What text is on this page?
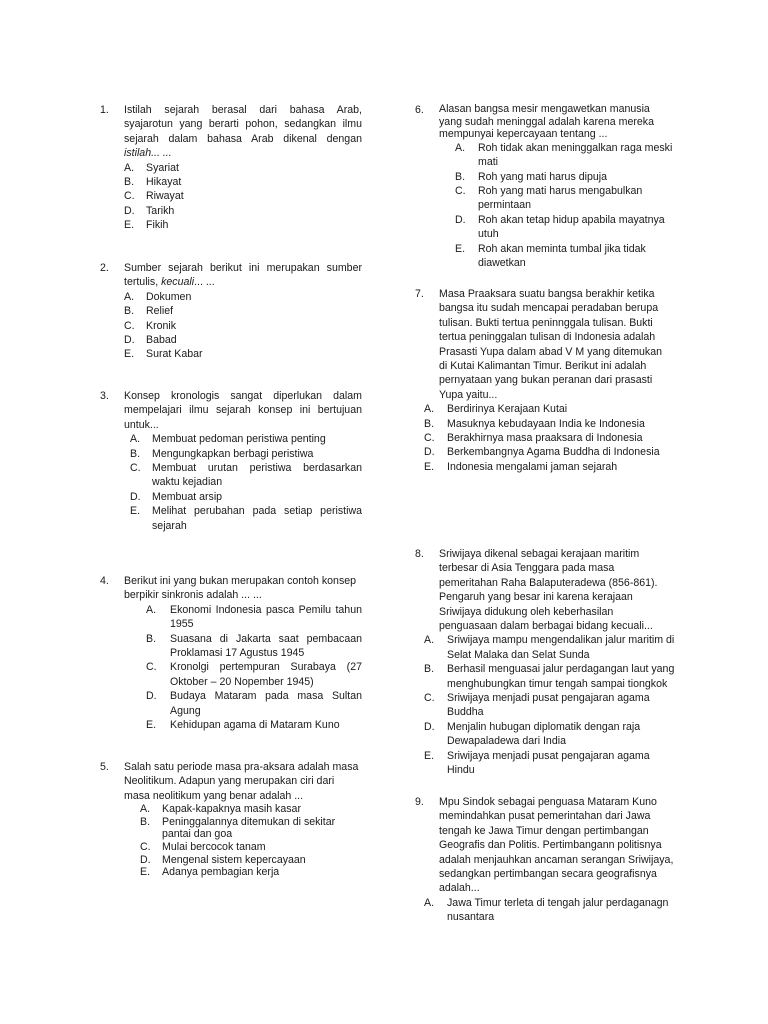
1. Istilah sejarah berasal dari bahasa Arab,
syajarotun yang berarti pohon, sedangkan ilmu
sejarah dalam bahasa Arab dikenal dengan
istilah... ...
A. Syariat
B. Hikayat
C. Riwayat
D. Tarikh
E. Fikih
2. Sumber sejarah berikut ini merupakan sumber
tertulis, kecuali... ...
A. Dokumen
B. Relief
C. Kronik
D. Babad
E. Surat Kabar
3. Konsep kronologis sangat diperlukan dalam
mempelajari ilmu sejarah konsep ini bertujuan
untuk...
A. Membuat pedoman peristiwa penting
B. Mengungkapkan berbagi peristiwa
C. Membuat urutan peristiwa berdasarkan
waktu kejadian
D. Membuat arsip
E. Melihat perubahan pada setiap peristiwa
sejarah
4. Berikut ini yang bukan merupakan contoh konsep
berpikir sinkronis adalah ... ...
A. Ekonomi Indonesia pasca Pemilu tahun
1955
B. Suasana di Jakarta saat pembacaan
Proklamasi 17 Agustus 1945
C. Kronolgi pertempuran Surabaya (27
Oktober – 20 Nopember 1945)
D. Budaya Mataram pada masa Sultan
Agung
E. Kehidupan agama di Mataram Kuno
5. Salah satu periode masa pra-aksara adalah masa
Neolitikum. Adapun yang merupakan ciri dari
masa neolitikum yang benar adalah ...
A. Kapak-kapaknya masih kasar
B. Peninggalannya ditemukan di sekitar
pantai dan goa
C. Mulai bercocok tanam
D. Mengenal sistem kepercayaan
E. Adanya pembagian kerja
6. Alasan bangsa mesir mengawetkan manusia
yang sudah meninggal adalah karena mereka
mempunyai kepercayaan tentang ...
A. Roh tidak akan meninggalkan raga meski
mati
B. Roh yang mati harus dipuja
C. Roh yang mati harus mengabulkan
permintaan
D. Roh akan tetap hidup apabila mayatnya
utuh
E. Roh akan meminta tumbal jika tidak
diawetkan
7. Masa Praaksara suatu bangsa berakhir ketika
bangsa itu sudah mencapai peradaban berupa
tulisan. Bukti tertua peninnggala tulisan. Bukti
tertua peninggalan tulisan di Indonesia adalah
Prasasti Yupa dalam abad V M yang ditemukan
di Kutai Kalimantan Timur. Berikut ini adalah
pernyataan yang bukan peranan dari prasasti
Yupa yaitu...
A. Berdirinya Kerajaan Kutai
B. Masuknya kebudayaan India ke Indonesia
C. Berakhirnya masa praaksara di Indonesia
D. Berkembangnya Agama Buddha di Indonesia
E. Indonesia mengalami jaman sejarah
8. Sriwijaya dikenal sebagai kerajaan maritim
terbesar di Asia Tenggara pada masa
pemeritahan Raha Balaputeradewa (856-861).
Pengaruh yang besar ini karena kerajaan
Sriwijaya didukung oleh keberhasilan
penguasaan dalam berbagai bidang kecuali...
A. Sriwijaya mampu mengendalikan jalur maritim di
Selat Malaka dan Selat Sunda
B. Berhasil menguasai jalur perdagangan laut yang
menghubungkan timur tengah sampai tiongkok
C. Sriwijaya menjadi pusat pengajaran agama
Buddha
D. Menjalin hubugan diplomatik dengan raja
Dewapaladewa dari India
E. Sriwijaya menjadi pusat pengajaran agama
Hindu
9. Mpu Sindok sebagai penguasa Mataram Kuno
memindahkan pusat pemerintahan dari Jawa
tengah ke Jawa Timur dengan pertimbangan
Geografis dan Politis. Pertimbangann politisnya
adalah menjauhkan ancaman serangan Sriwijaya,
sedangkan pertimbangan secara geografisnya
adalah...
A. Jawa Timur terleta di tengah jalur perdaganagn
nusantara
